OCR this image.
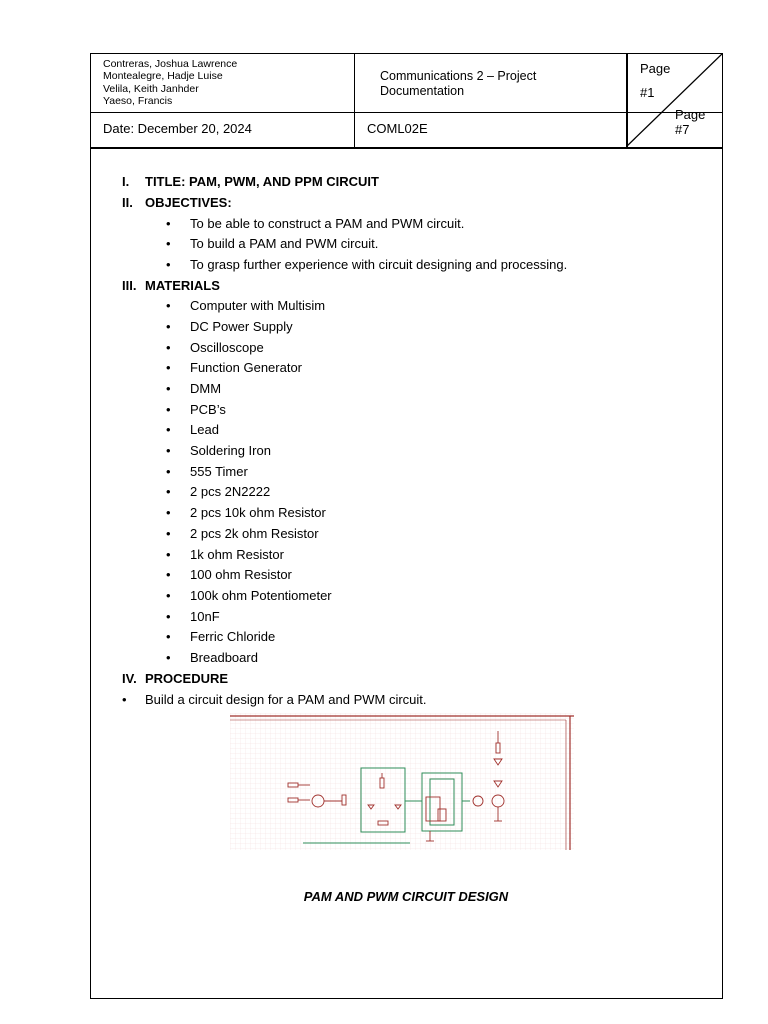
Contreras, Joshua Lawrence
Montealegre, Hadje Luise
Velila, Keith Janhder
Yaeso, Francis
Communications 2 – Project
Documentation
Date: December 20, 2024	COML02E
Page
#1
Page
#7
I. TITLE: PAM, PWM, AND PPM CIRCUIT
II. OBJECTIVES:
• To be able to construct a PAM and PWM circuit.
• To build a PAM and PWM circuit.
• To grasp further experience with circuit designing and processing.
III. MATERIALS
• Computer with Multisim
• DC Power Supply
• Oscilloscope
• Function Generator
• DMM
• PCB’s
• Lead
• Soldering Iron
• 555 Timer
• 2 pcs 2N2222
• 2 pcs 10k ohm Resistor
• 2 pcs 2k ohm Resistor
• 1k ohm Resistor
• 100 ohm Resistor
• 100k ohm Potentiometer
• 10nF
• Ferric Chloride
• Breadboard
IV. PROCEDURE
• Build a circuit design for a PAM and PWM circuit.
PAM AND PWM CIRCUIT DESIGN
